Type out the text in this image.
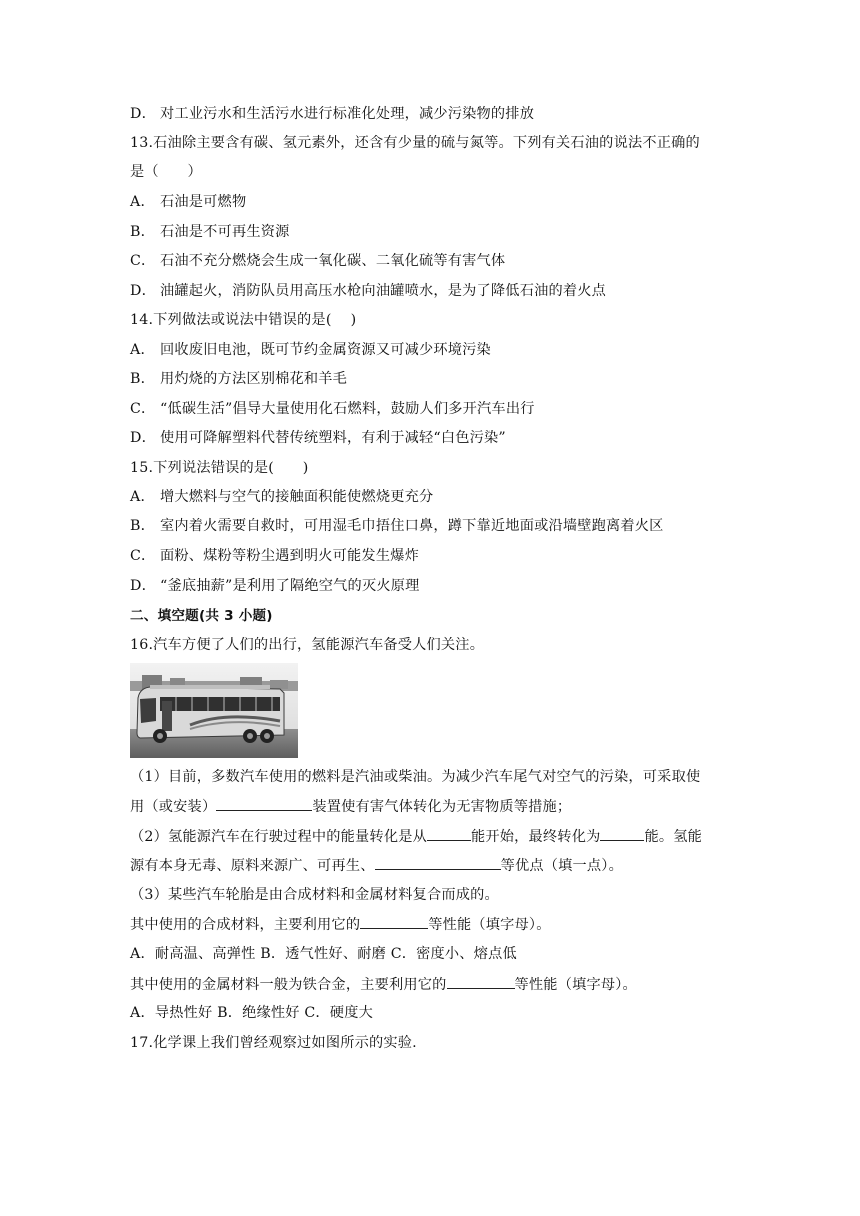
D． 对工业污水和生活污水进行标准化处理，减少污染物的排放
13.石油除主要含有碳、氢元素外，还含有少量的硫与氮等。下列有关石油的说法不正确的
是（　　）
A． 石油是可燃物
B． 石油是不可再生资源
C． 石油不充分燃烧会生成一氧化碳、二氧化硫等有害气体
D． 油罐起火，消防队员用高压水枪向油罐喷水，是为了降低石油的着火点
14.下列做法或说法中错误的是(　 )
A． 回收废旧电池，既可节约金属资源又可减少环境污染
B． 用灼烧的方法区别棉花和羊毛
C． “低碳生活”倡导大量使用化石燃料，鼓励人们多开汽车出行
D． 使用可降解塑料代替传统塑料，有利于减轻“白色污染”
15.下列说法错误的是(　　)
A． 增大燃料与空气的接触面积能使燃烧更充分
B． 室内着火需要自救时，可用湿毛巾捂住口鼻，蹲下靠近地面或沿墙壁跑离着火区
C． 面粉、煤粉等粉尘遇到明火可能发生爆炸
D． “釜底抽薪”是利用了隔绝空气的灭火原理
二、填空题(共 3 小题)
16.汽车方便了人们的出行，氢能源汽车备受人们关注。
（1）目前，多数汽车使用的燃料是汽油或柴油。为减少汽车尾气对空气的污染，可采取使
用（或安装）	装置使有害气体转化为无害物质等措施；
（2）氢能源汽车在行驶过程中的能量转化是从	能开始，最终转化为	能。氢能
源有本身无毒、原料来源广、可再生、	等优点（填一点）。
（3）某些汽车轮胎是由合成材料和金属材料复合而成的。
其中使用的合成材料，主要利用它的	等性能（填字母）。
A．耐高温、高弹性 B．透气性好、耐磨 C．密度小、熔点低
其中使用的金属材料一般为铁合金，主要利用它的	等性能（填字母）。
A．导热性好 B．绝缘性好 C．硬度大
17.化学课上我们曾经观察过如图所示的实验.
